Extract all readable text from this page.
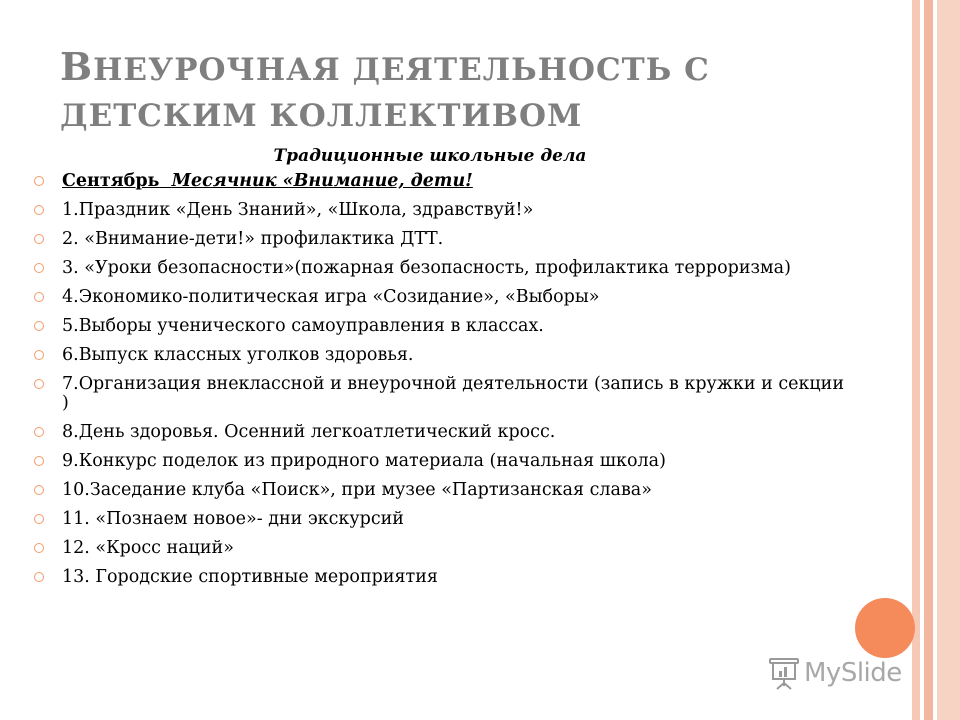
ВНЕУРОЧНАЯ ДЕЯТЕЛЬНОСТЬ С
ДЕТСКИМ КОЛЛЕКТИВОМ
Традиционные школьные дела
Сентябрь Месячник «Внимание, дети!
1.Праздник «День Знаний», «Школа, здравствуй!»
2. «Внимание-дети!» профилактика ДТТ.
3. «Уроки безопасности»(пожарная безопасность, профилактика терроризма)
4.Экономико-политическая игра «Созидание», «Выборы»
5.Выборы ученического самоуправления в классах.
6.Выпуск классных уголков здоровья.
7.Организация внеклассной и внеурочной деятельности (запись в кружки и секции )
8.День здоровья. Осенний легкоатлетический кросс.
9.Конкурс поделок из природного материала (начальная школа)
10.Заседание клуба «Поиск», при музее «Партизанская слава»
11. «Познаем новое»- дни экскурсий
12. «Кросс наций»
13. Городские спортивные мероприятия
MySlide
